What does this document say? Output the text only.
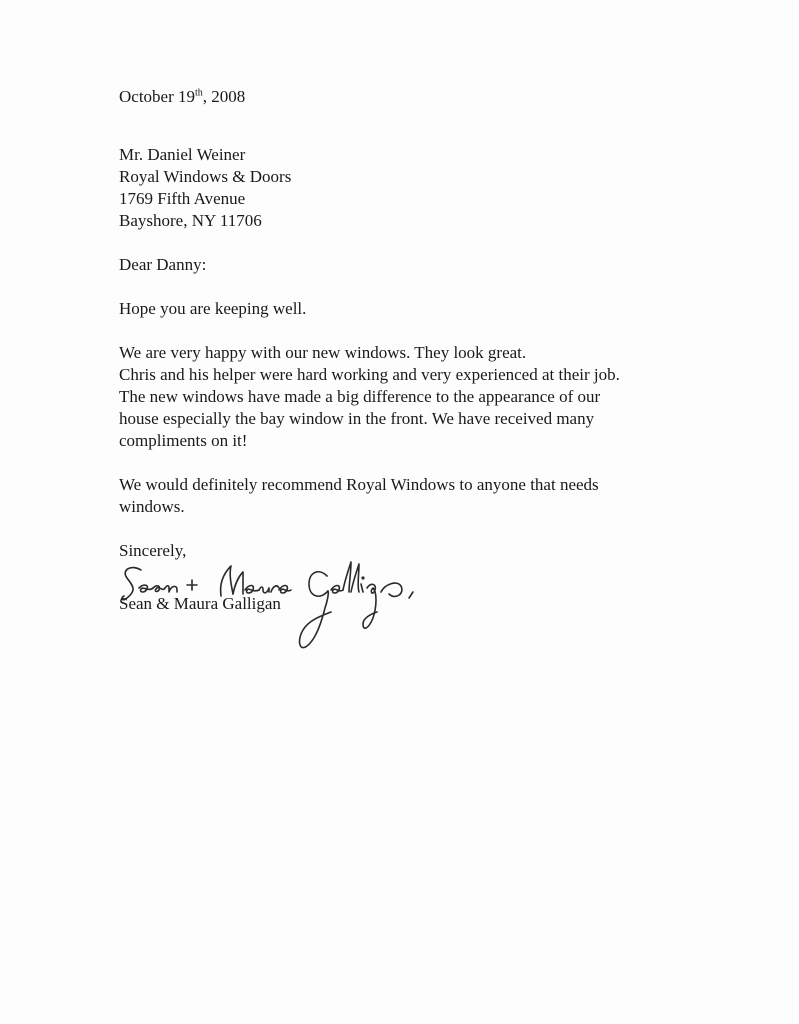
October 19th, 2008
Mr. Daniel Weiner
Royal Windows & Doors
1769 Fifth Avenue
Bayshore, NY 11706
Dear Danny:
Hope you are keeping well.
We are very happy with our new windows. They look great.
Chris and his helper were hard working and very experienced at their job.
The new windows have made a big difference to the appearance of our
house especially the bay window in the front. We have received many
compliments on it!
We would definitely recommend Royal Windows to anyone that needs
windows.
Sincerely,
Sean & Maura Galligan
